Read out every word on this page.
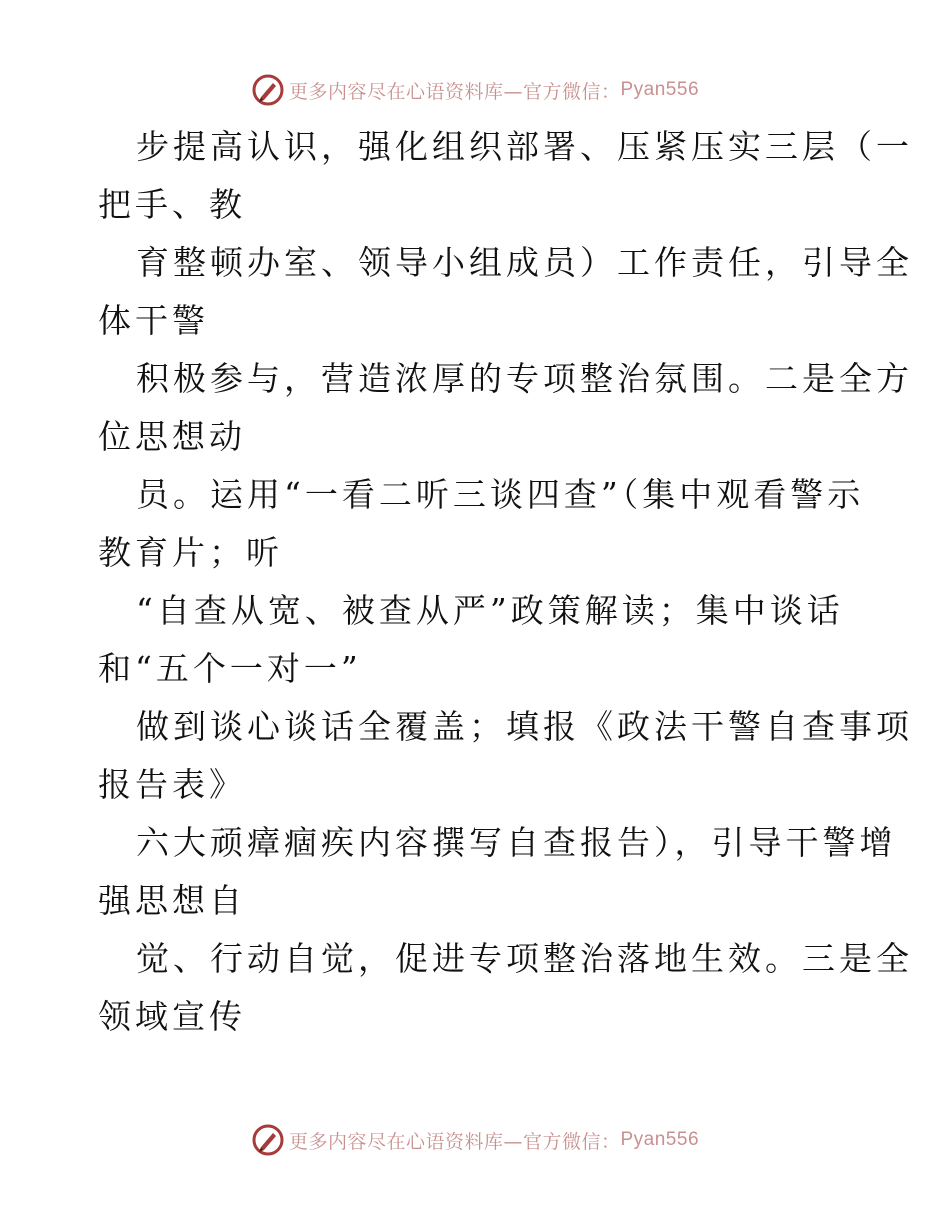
更多内容尽在心语资料库—官方微信： Pyan556
步提高认识，强化组织部署、压紧压实三层（一
把手、教
育整顿办室、领导小组成员）工作责任，引导全
体干警
积极参与，营造浓厚的专项整治氛围。二是全方
位思想动
员。运用“一看二听三谈四查”（集中观看警示
教育片；听
“自查从宽、被查从严”政策解读；集中谈话
和“五个一对一”
做到谈心谈话全覆盖；填报《政法干警自查事项
报告表》
六大顽瘴痼疾内容撰写自查报告），引导干警增
强思想自
觉、行动自觉，促进专项整治落地生效。三是全
领域宣传
更多内容尽在心语资料库—官方微信： Pyan556
